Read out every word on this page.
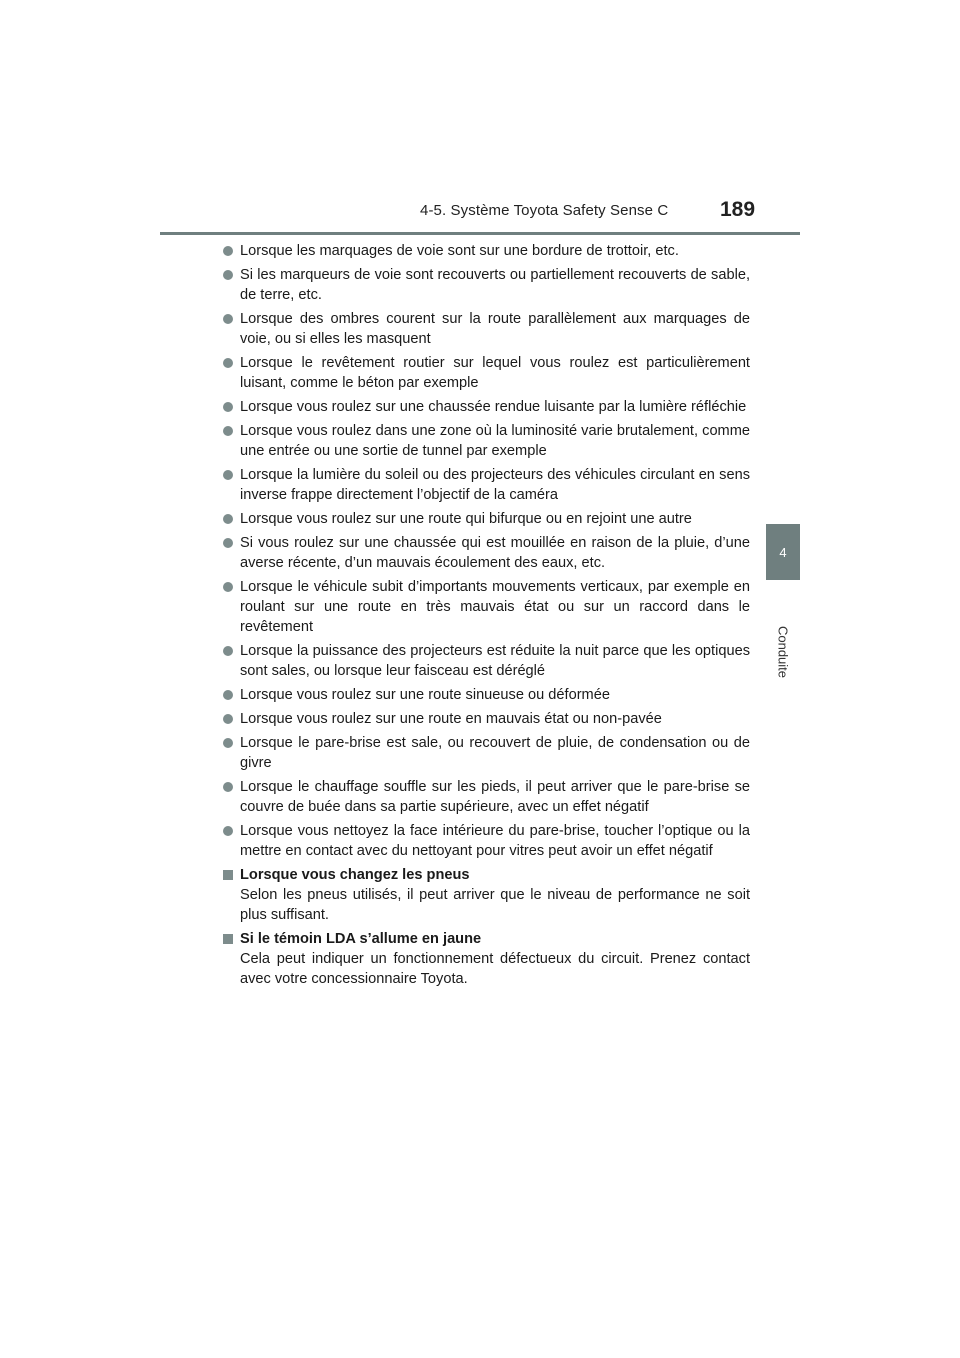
4-5. Système Toyota Safety Sense C 189
4
Conduite
Lorsque les marquages de voie sont sur une bordure de trottoir, etc.
Si les marqueurs de voie sont recouverts ou partiellement recouverts de sable, de terre, etc.
Lorsque des ombres courent sur la route parallèlement aux marquages de voie, ou si elles les masquent
Lorsque le revêtement routier sur lequel vous roulez est particulièrement luisant, comme le béton par exemple
Lorsque vous roulez sur une chaussée rendue luisante par la lumière réfléchie
Lorsque vous roulez dans une zone où la luminosité varie brutalement, comme une entrée ou une sortie de tunnel par exemple
Lorsque la lumière du soleil ou des projecteurs des véhicules circulant en sens inverse frappe directement l’objectif de la caméra
Lorsque vous roulez sur une route qui bifurque ou en rejoint une autre
Si vous roulez sur une chaussée qui est mouillée en raison de la pluie, d’une averse récente, d’un mauvais écoulement des eaux, etc.
Lorsque le véhicule subit d’importants mouvements verticaux, par exemple en roulant sur une route en très mauvais état ou sur un raccord dans le revêtement
Lorsque la puissance des projecteurs est réduite la nuit parce que les optiques sont sales, ou lorsque leur faisceau est déréglé
Lorsque vous roulez sur une route sinueuse ou déformée
Lorsque vous roulez sur une route en mauvais état ou non-pavée
Lorsque le pare-brise est sale, ou recouvert de pluie, de condensation ou de givre
Lorsque le chauffage souffle sur les pieds, il peut arriver que le pare-brise se couvre de buée dans sa partie supérieure, avec un effet négatif
Lorsque vous nettoyez la face intérieure du pare-brise, toucher l’optique ou la mettre en contact avec du nettoyant pour vitres peut avoir un effet négatif
Lorsque vous changez les pneus
Selon les pneus utilisés, il peut arriver que le niveau de performance ne soit plus suffisant.
Si le témoin LDA s’allume en jaune
Cela peut indiquer un fonctionnement défectueux du circuit. Prenez contact avec votre concessionnaire Toyota.
